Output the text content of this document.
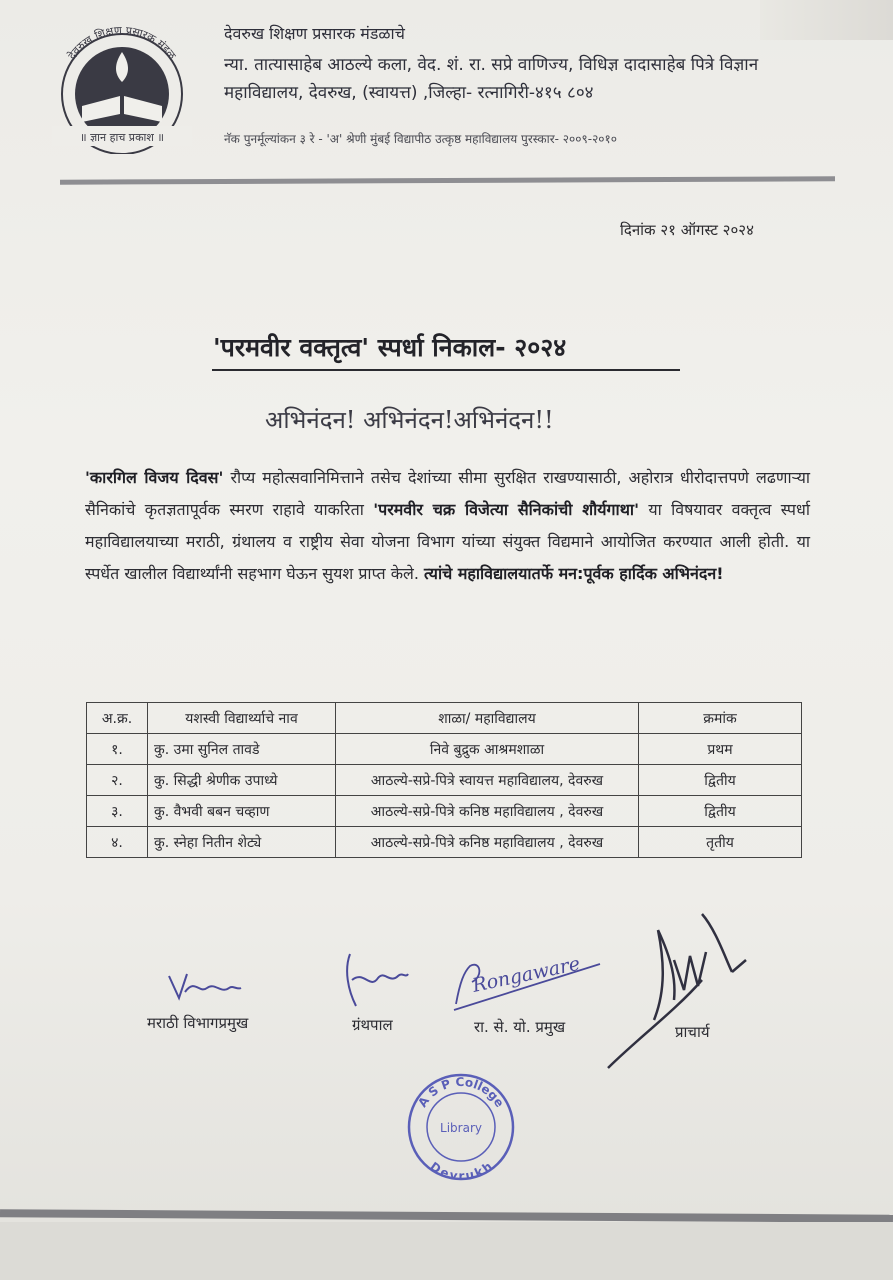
देवरुख शिक्षण प्रसारक मंडळ
॥ ज्ञान हाच प्रकाश ॥
देवरुख शिक्षण प्रसारक मंडळाचे
न्या. तात्यासाहेब आठल्ये कला, वेद. शं. रा. सप्रे वाणिज्य, विधिज्ञ दादासाहेब पित्रे विज्ञान
महाविद्यालय, देवरुख, (स्वायत्त) ,जिल्हा- रत्नागिरी-४१५ ८०४
नॅक पुनर्मूल्यांकन ३ रे - 'अ' श्रेणी मुंबई विद्यापीठ उत्कृष्ठ महाविद्यालय पुरस्कार- २००९-२०१०
दिनांक २१ ऑगस्ट २०२४
'परमवीर वक्तृत्व' स्पर्धा निकाल- २०२४
अभिनंदन! अभिनंदन!अभिनंदन!!
'कारगिल विजय दिवस' रौप्य महोत्सवानिमित्ताने तसेच देशांच्या सीमा सुरक्षित राखण्यासाठी, अहोरात्र धीरोदात्तपणे लढणाऱ्या सैनिकांचे कृतज्ञतापूर्वक स्मरण राहावे याकरिता 'परमवीर चक्र विजेत्या सैनिकांची शौर्यगाथा' या विषयावर वक्तृत्व स्पर्धा महाविद्यालयाच्या मराठी, ग्रंथालय व राष्ट्रीय सेवा योजना विभाग यांच्या संयुक्त विद्यमाने आयोजित करण्यात आली होती. या स्पर्धेत खालील विद्यार्थ्यांनी सहभाग घेऊन सुयश प्राप्त केले. त्यांचे महाविद्यालयातर्फे मन:पूर्वक हार्दिक अभिनंदन!
अ.क्र.	यशस्वी विद्यार्थ्याचे नाव	शाळा/ महाविद्यालय	क्रमांक
१.	कु. उमा सुनिल तावडे	निवे बुद्रुक आश्रमशाळा	प्रथम
२.	कु. सिद्धी श्रेणीक उपाध्ये	आठल्ये-सप्रे-पित्रे स्वायत्त महाविद्यालय, देवरुख	द्वितीय
३.	कु. वैभवी बबन चव्हाण	आठल्ये-सप्रे-पित्रे कनिष्ठ महाविद्यालय , देवरुख	द्वितीय
४.	कु. स्नेहा नितीन शेट्ये	आठल्ये-सप्रे-पित्रे कनिष्ठ महाविद्यालय , देवरुख	तृतीय
मराठी विभागप्रमुख	ग्रंथपाल
Rongaware
रा. से. यो. प्रमुख	प्राचार्य
A S P College
Devrukh
Library
